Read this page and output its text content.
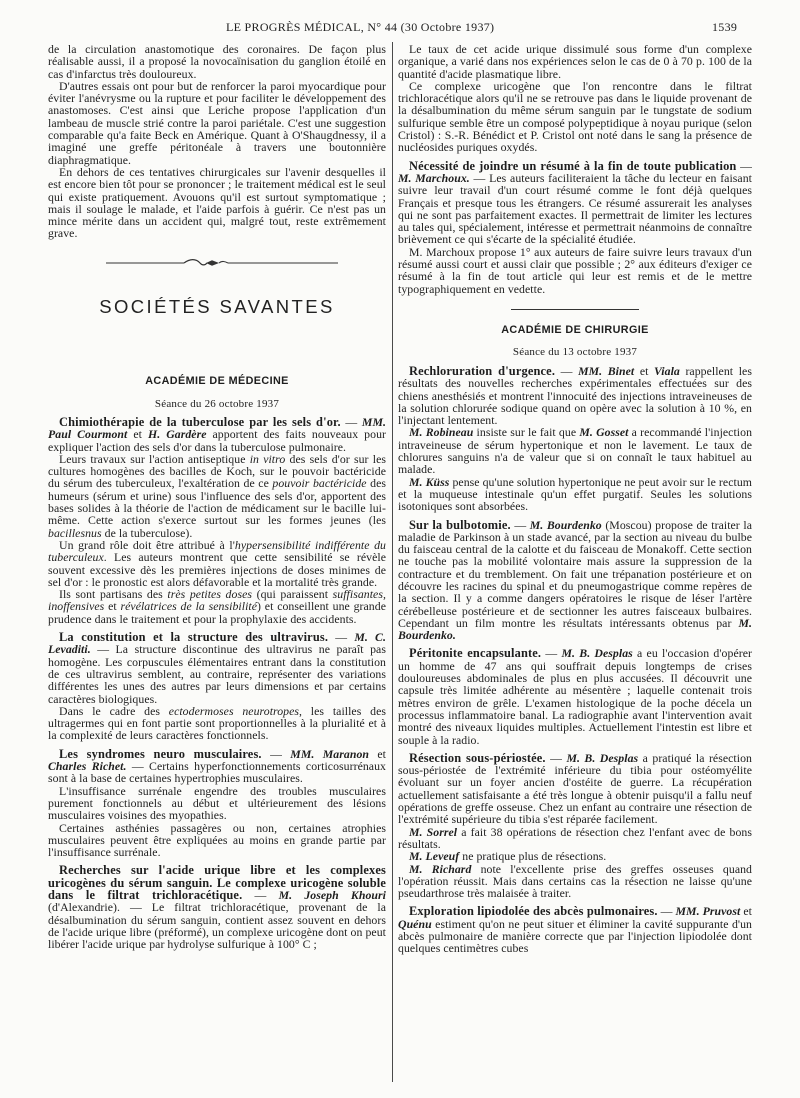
LE PROGRÈS MÉDICAL, N° 44 (30 Octobre 1937)	1539

de la circulation anastomotique des coronaires. De façon plus réalisable aussi, il a proposé la novocaïnisation du ganglion étoilé en cas d'infarctus très douloureux.

D'autres essais ont pour but de renforcer la paroi myocardique pour éviter l'anévrysme ou la rupture et pour faciliter le développement des anastomoses. C'est ainsi que Leriche propose l'application d'un lambeau de muscle strié contre la paroi pariétale. C'est une suggestion comparable qu'a faite Beck en Amérique. Quant à O'Shaugdnessy, il a imaginé une greffe péritonéale à travers une boutonnière diaphragmatique.

En dehors de ces tentatives chirurgicales sur l'avenir desquelles il est encore bien tôt pour se prononcer ; le traitement médical est le seul qui existe pratiquement. Avouons qu'il est surtout symptomatique ; mais il soulage le malade, et l'aide parfois à guérir. Ce n'est pas un mince mérite dans un accident qui, malgré tout, reste extrêmement grave.

SOCIÉTÉS SAVANTES
ACADÉMIE DE MÉDECINE
Séance du 26 octobre 1937

Chimiothérapie de la tuberculose par les sels d'or. — MM. Paul Courmont et H. Gardère apportent des faits nouveaux pour expliquer l'action des sels d'or dans la tuberculose pulmonaire.

Leurs travaux sur l'action antiseptique in vitro des sels d'or sur les cultures homogènes des bacilles de Koch, sur le pouvoir bactéricide du sérum des tuberculeux, l'exaltération de ce pouvoir bactéricide des humeurs (sérum et urine) sous l'influence des sels d'or, apportent des bases solides à la théorie de l'action de médicament sur le bacille lui-même. Cette action s'exerce surtout sur les formes jeunes (les bacillesnus de la tuberculose).

Un grand rôle doit être attribué à l'hypersensibilité indifférente du tuberculeux. Les auteurs montrent que cette sensibilité se révèle souvent excessive dès les premières injections de doses minimes de sel d'or : le pronostic est alors défavorable et la mortalité très grande.

Ils sont partisans des très petites doses (qui paraissent suffisantes, inoffensives et révélatrices de la sensibilité) et conseillent une grande prudence dans le traitement et pour la prophylaxie des accidents.

La constitution et la structure des ultravirus. — M. C. Levaditi. — La structure discontinue des ultravirus ne paraît pas homogène. Les corpuscules élémentaires entrant dans la constitution de ces ultravirus semblent, au contraire, représenter des variations différentes les unes des autres par leurs dimensions et par certains caractères biologiques.

Dans le cadre des ectodermoses neurotropes, les tailles des ultragermes qui en font partie sont proportionnelles à la plurialité et à la complexité de leurs caractères fonctionnels.

Les syndromes neuro musculaires. — MM. Maranon et Charles Richet. — Certains hyperfonctionnements corticosurrénaux sont à la base de certaines hypertrophies musculaires.

L'insuffisance surrénale engendre des troubles musculaires purement fonctionnels au début et ultérieurement des lésions musculaires voisines des myopathies.

Certaines asthénies passagères ou non, certaines atrophies musculaires peuvent être expliquées au moins en grande partie par l'insuffisance surrénale.

Recherches sur l'acide urique libre et les complexes uricogènes du sérum sanguin. Le complexe uricogène soluble dans le filtrat trichloracétique. — M. Joseph Khouri (d'Alexandrie). — Le filtrat trichloracétique, provenant de la désalbumination du sérum sanguin, contient assez souvent en dehors de l'acide urique libre (préformé), un complexe uricogène dont on peut libérer l'acide urique par hydrolyse sulfurique à 100° C ;

Le taux de cet acide urique dissimulé sous forme d'un complexe organique, a varié dans nos expériences selon le cas de 0 à 70 p. 100 de la quantité d'acide plasmatique libre.

Ce complexe uricogène que l'on rencontre dans le filtrat trichloracétique alors qu'il ne se retrouve pas dans le liquide provenant de la désalbumination du même sérum sanguin par le tungstate de sodium sulfurique semble être un composé polypeptidique à noyau purique (selon Cristol) : S.-R. Bénédict et P. Cristol ont noté dans le sang la présence de nucléosides puriques oxydés.

Nécessité de joindre un résumé à la fin de toute publication — M. Marchoux. — Les auteurs faciliteraient la tâche du lecteur en faisant suivre leur travail d'un court résumé comme le font déjà quelques Français et presque tous les étrangers. Ce résumé assurerait les analyses qui ne sont pas parfaitement exactes. Il permettrait de limiter les lectures au tales qui, spécialement, intéresse et permettrait néanmoins de connaître brièvement ce qui s'écarte de la spécialité étudiée.

M. Marchoux propose 1° aux auteurs de faire suivre leurs travaux d'un résumé aussi court et aussi clair que possible ; 2° aux éditeurs d'exiger ce résumé à la fin de tout article qui leur est remis et de le mettre typographiquement en vedette.

ACADÉMIE DE CHIRURGIE
Séance du 13 octobre 1937

Rechloruration d'urgence. — MM. Binet et Viala rappellent les résultats des nouvelles recherches expérimentales effectuées sur des chiens anesthésiés et montrent l'innocuité des injections intraveineuses de la solution chlorurée sodique quand on opère avec la solution à 10 %, en l'injectant lentement.

M. Robineau insiste sur le fait que M. Gosset a recommandé l'injection intraveineuse de sérum hypertonique et non le lavement. Le taux de chlorures sanguins n'a de valeur que si on connaît le taux habituel au malade.

M. Küss pense qu'une solution hypertonique ne peut avoir sur le rectum et la muqueuse intestinale qu'un effet purgatif. Seules les solutions isotoniques sont absorbées.

Sur la bulbotomie. — M. Bourdenko (Moscou) propose de traiter la maladie de Parkinson à un stade avancé, par la section au niveau du bulbe du faisceau central de la calotte et du faisceau de Monakoff. Cette section ne touche pas la mobilité volontaire mais assure la suppression de la contracture et du tremblement. On fait une trépanation postérieure et on découvre les racines du spinal et du pneumogastrique comme repères de la section. Il y a comme dangers opératoires le risque de léser l'artère cérébelleuse postérieure et de sectionner les autres faisceaux bulbaires. Cependant un film montre les résultats intéressants obtenus par M. Bourdenko.

Péritonite encapsulante. — M. B. Desplas a eu l'occasion d'opérer un homme de 47 ans qui souffrait depuis longtemps de crises douloureuses abdominales de plus en plus accusées. Il découvrit une capsule très limitée adhérente au mésentère ; laquelle contenait trois mètres environ de grêle. L'examen histologique de la poche décela un processus inflammatoire banal. La radiographie avant l'intervention avait montré des niveaux liquides multiples. Actuellement l'intestin est libre et souple à la radio.

Résection sous-périostée. — M. B. Desplas a pratiqué la résection sous-périostée de l'extrémité inférieure du tibia pour ostéomyélite évoluant sur un foyer ancien d'ostéite de guerre. La récupération actuellement satisfaisante a été très longue à obtenir puisqu'il a fallu neuf opérations de greffe osseuse. Chez un enfant au contraire une résection de l'extrémité supérieure du tibia s'est réparée facilement.

M. Sorrel a fait 38 opérations de résection chez l'enfant avec de bons résultats.

M. Leveuf ne pratique plus de résections.

M. Richard note l'excellente prise des greffes osseuses quand l'opération réussit. Mais dans certains cas la résection ne laisse qu'une pseudarthrose très malaisée à traiter.

Exploration lipiodolée des abcès pulmonaires. — MM. Pruvost et Quénu estiment qu'on ne peut situer et éliminer la cavité suppurante d'un abcès pulmonaire de manière correcte que par l'injection lipiodolée dont quelques centimètres cubes
